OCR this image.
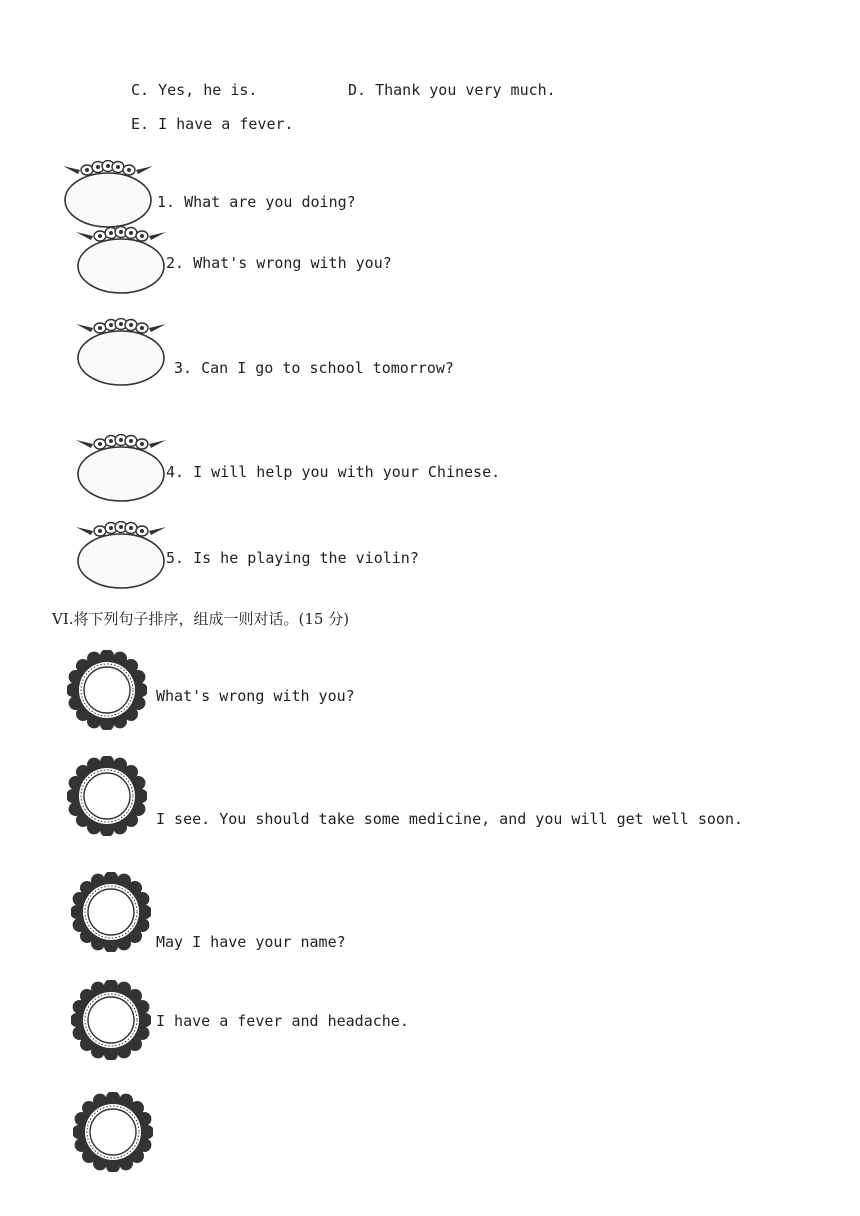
C. Yes, he is.	D. Thank you very much.
E. I have a fever.
1. What are you doing?
2. What's wrong with you?
3. Can I go to school tomorrow?
4. I will help you with your Chinese.
5. Is he playing the violin?
VI.将下列句子排序，组成一则对话。(15 分)
What's wrong with you?
I see. You should take some medicine, and you will get well soon.
May I have your name?
I have a fever and headache.
